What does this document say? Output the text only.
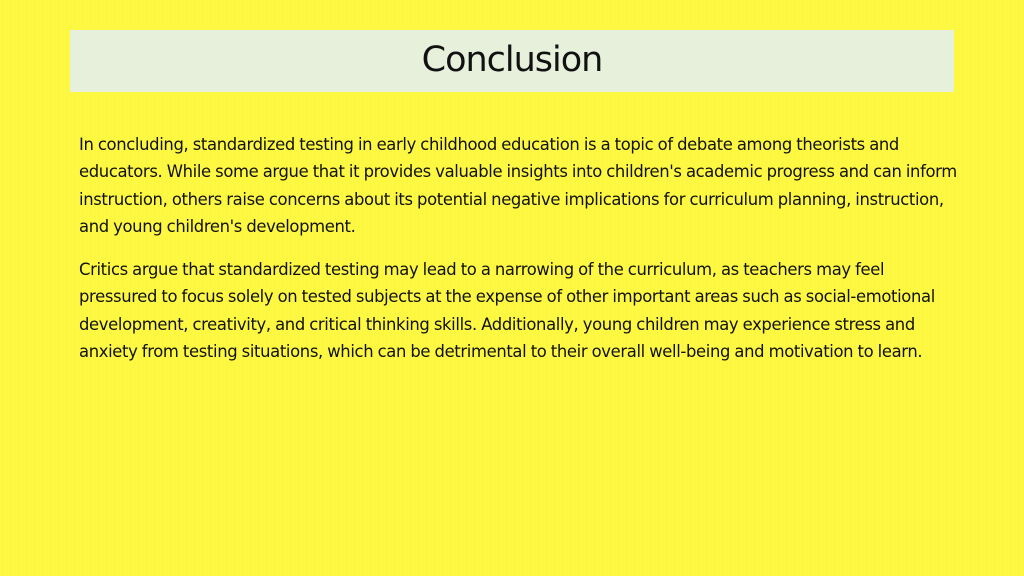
Conclusion

In concluding, standardized testing in early childhood education is a topic of debate among theorists and educators. While some argue that it provides valuable insights into children's academic progress and can inform instruction, others raise concerns about its potential negative implications for curriculum planning, instruction, and young children's development.

Critics argue that standardized testing may lead to a narrowing of the curriculum, as teachers may feel pressured to focus solely on tested subjects at the expense of other important areas such as social-emotional development, creativity, and critical thinking skills. Additionally, young children may experience stress and anxiety from testing situations, which can be detrimental to their overall well-being and motivation to learn.
